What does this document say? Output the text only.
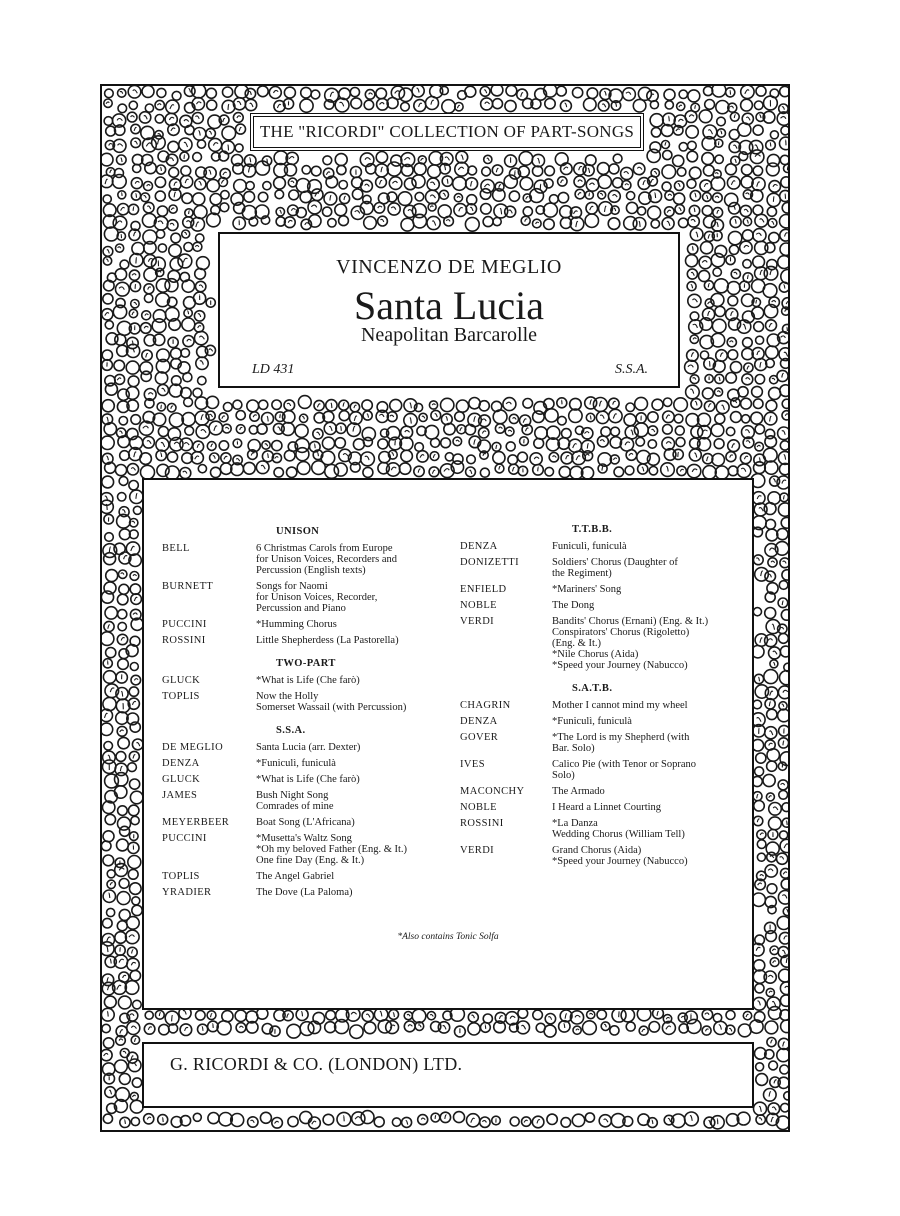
THE "RICORDI" COLLECTION OF PART-SONGS
VINCENZO DE MEGLIO
Santa Lucia
Neapolitan Barcarolle
LD 431	S.S.A.
UNISON
BELL	6 Christmas Carols from Europe
for Unison Voices, Recorders and
Percussion (English texts)
BURNETT	Songs for Naomi
for Unison Voices, Recorder,
Percussion and Piano
PUCCINI	*Humming Chorus
ROSSINI	Little Shepherdess (La Pastorella)
TWO-PART
GLUCK	*What is Life (Che farò)
TOPLIS	Now the Holly
Somerset Wassail (with Percussion)
S.S.A.
DE MEGLIO	Santa Lucia (arr. Dexter)
DENZA	*Funiculì, funiculà
GLUCK	*What is Life (Che farò)
JAMES	Bush Night Song
Comrades of mine
MEYERBEER	Boat Song (L'Africana)
PUCCINI	*Musetta's Waltz Song
*Oh my beloved Father (Eng. & It.)
One fine Day (Eng. & It.)
TOPLIS	The Angel Gabriel
YRADIER	The Dove (La Paloma)
T.T.B.B.
DENZA	Funiculì, funiculà
DONIZETTI	Soldiers' Chorus (Daughter of
the Regiment)
ENFIELD	*Mariners' Song
NOBLE	The Dong
VERDI	Bandits' Chorus (Ernani) (Eng. & It.)
Conspirators' Chorus (Rigoletto)
(Eng. & It.)
*Nile Chorus (Aida)
*Speed your Journey (Nabucco)
S.A.T.B.
CHAGRIN	Mother I cannot mind my wheel
DENZA	*Funiculì, funiculà
GOVER	*The Lord is my Shepherd (with
Bar. Solo)
IVES	Calico Pie (with Tenor or Soprano
Solo)
MACONCHY	The Armado
NOBLE	I Heard a Linnet Courting
ROSSINI	*La Danza
Wedding Chorus (William Tell)
VERDI	Grand Chorus (Aida)
*Speed your Journey (Nabucco)
*Also contains Tonic Solfa
G. RICORDI & CO. (LONDON) LTD.
